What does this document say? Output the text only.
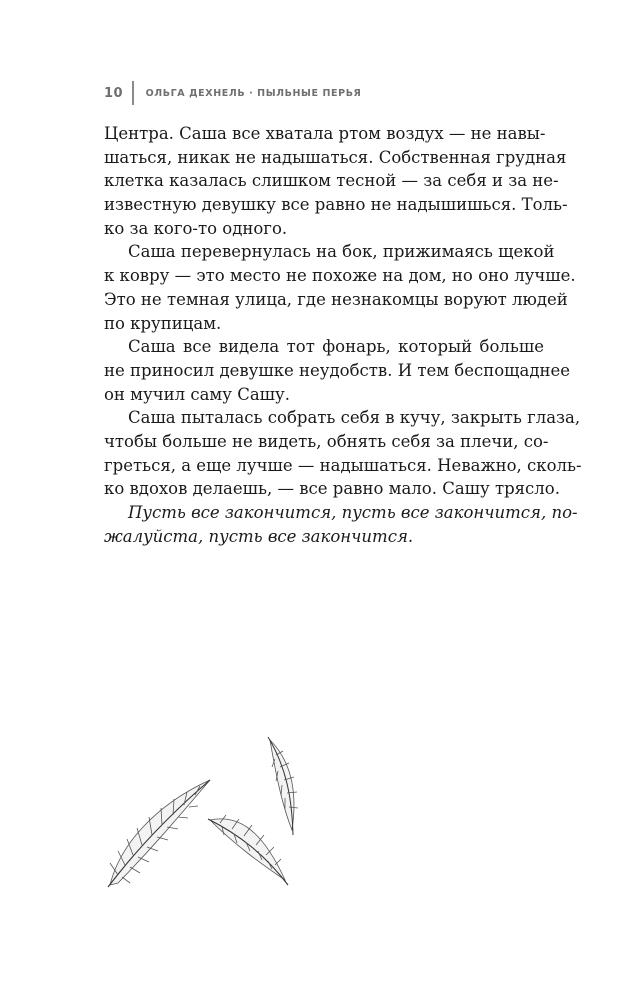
10 ОЛЬГА ДЕХНЕЛЬ · ПЫЛЬНЫЕ ПЕРЬЯ
Центра. Саша все хватала ртом воздух — не навы-
шаться, никак не надышаться. Собственная грудная
клетка казалась слишком тесной — за себя и за не-
известную девушку все равно не надышишься. Толь-
ко за кого-то одного.
Саша перевернулась на бок, прижимаясь щекой
к ковру — это место не похоже на дом, но оно лучше.
Это не темная улица, где незнакомцы воруют людей
по крупицам.
Саша все видела тот фонарь, который больше
не приносил девушке неудобств. И тем беспощаднее
он мучил саму Сашу.
Саша пыталась собрать себя в кучу, закрыть глаза,
чтобы больше не видеть, обнять себя за плечи, со-
греться, а еще лучше — надышаться. Неважно, сколь-
ко вдохов делаешь, — все равно мало. Сашу трясло.
Пусть все закончится, пусть все закончится, по-
жалуйста, пусть все закончится.
